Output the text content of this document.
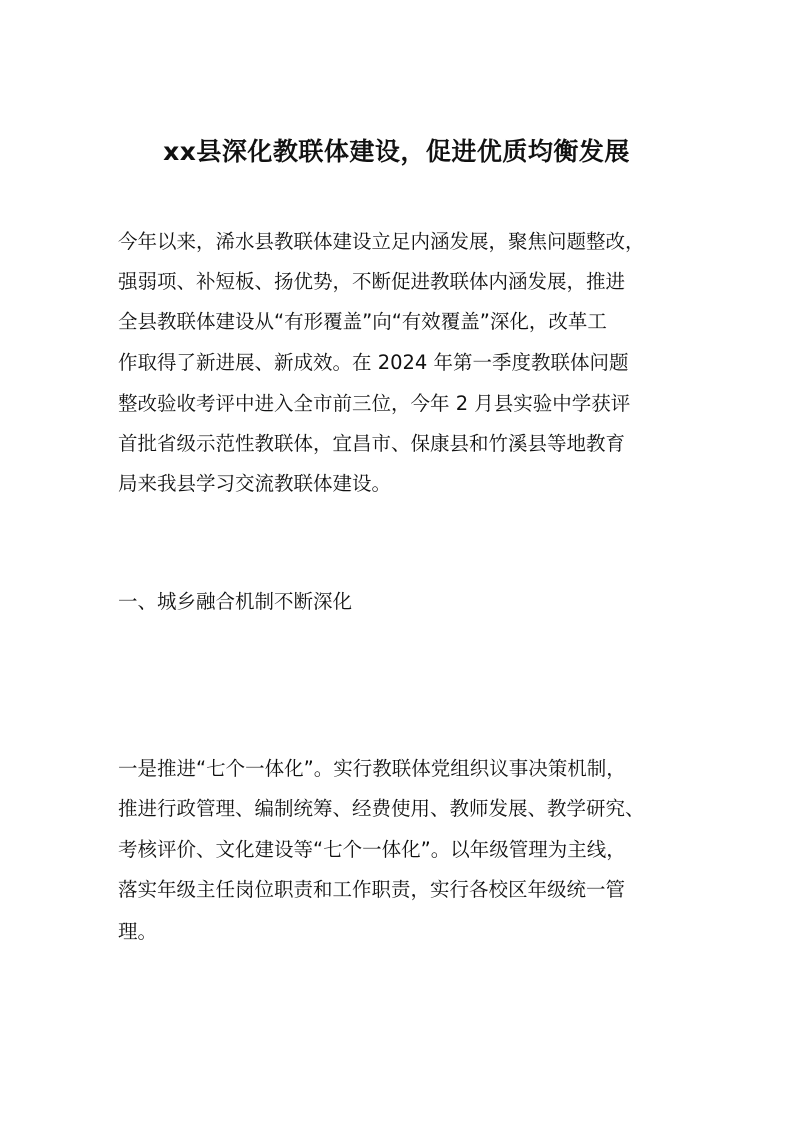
xx县深化教联体建设，促进优质均衡发展
今年以来，浠水县教联体建设立足内涵发展，聚焦问题整改，
强弱项、补短板、扬优势，不断促进教联体内涵发展，推进
全县教联体建设从“有形覆盖”向“有效覆盖”深化，改革工
作取得了新进展、新成效。在 2024 年第一季度教联体问题
整改验收考评中进入全市前三位，今年 2 月县实验中学获评
首批省级示范性教联体，宜昌市、保康县和竹溪县等地教育
局来我县学习交流教联体建设。
一、城乡融合机制不断深化
一是推进“七个一体化”。实行教联体党组织议事决策机制，
推进行政管理、编制统筹、经费使用、教师发展、教学研究、
考核评价、文化建设等“七个一体化”。以年级管理为主线，
落实年级主任岗位职责和工作职责，实行各校区年级统一管
理。
